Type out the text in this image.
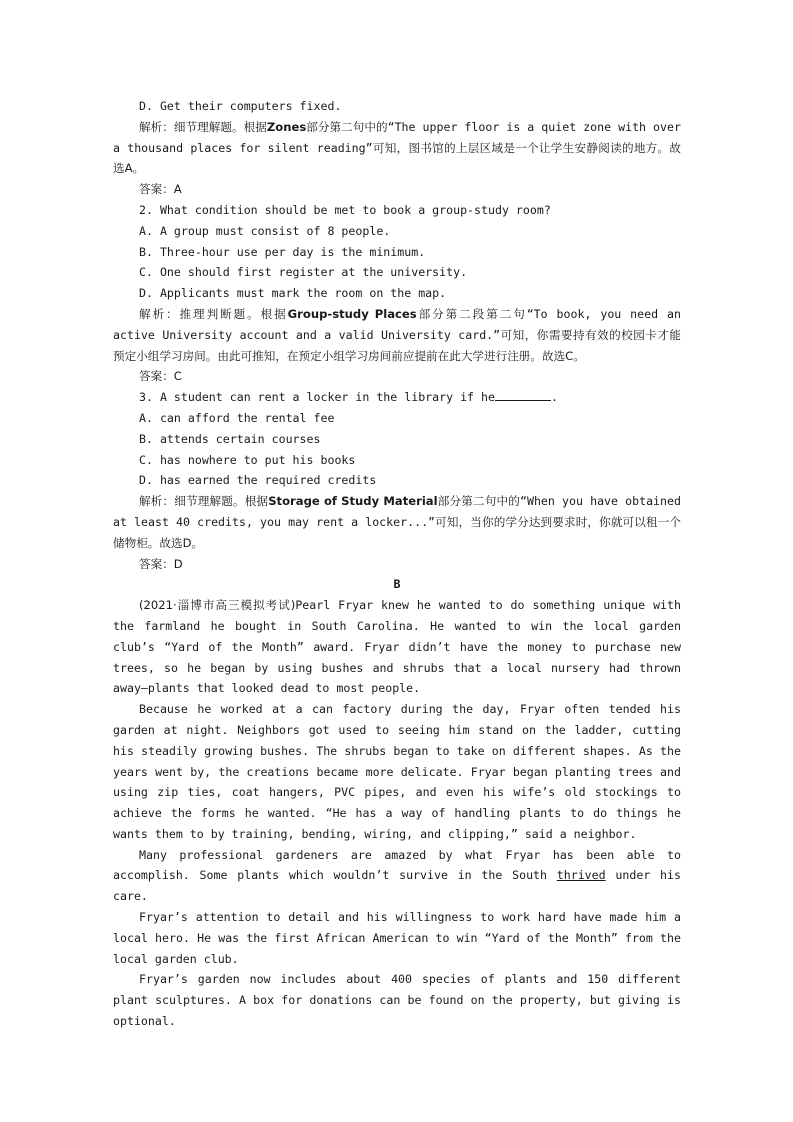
D. Get their computers fixed.

解析：细节理解题。根据Zones部分第二句中的“The upper floor is a quiet zone with over a thousand places for silent reading”可知，图书馆的上层区域是一个让学生安静阅读的地方。故选A。

答案：A

2. What condition should be met to book a group-study room?

A. A group must consist of 8 people.

B. Three-hour use per day is the minimum.

C. One should first register at the university.

D. Applicants must mark the room on the map.

解析：推理判断题。根据Group-study Places部分第二段第二句“To book, you need an active University account and a valid University card.”可知，你需要持有效的校园卡才能预定小组学习房间。由此可推知，在预定小组学习房间前应提前在此大学进行注册。故选C。

答案：C

3. A student can rent a locker in the library if he	.

A. can afford the rental fee

B. attends certain courses

C. has nowhere to put his books

D. has earned the required credits

解析：细节理解题。根据Storage of Study Material部分第二句中的“When you have obtained at least 40 credits, you may rent a locker...”可知，当你的学分达到要求时，你就可以租一个储物柜。故选D。

答案：D

B

(2021·淄博市高三模拟考试)Pearl Fryar knew he wanted to do something unique with the farmland he bought in South Carolina. He wanted to win the local garden club’s “Yard of the Month” award. Fryar didn’t have the money to purchase new trees, so he began by using bushes and shrubs that a local nursery had thrown away—plants that looked dead to most people.

Because he worked at a can factory during the day, Fryar often tended his garden at night. Neighbors got used to seeing him stand on the ladder, cutting his steadily growing bushes. The shrubs began to take on different shapes. As the years went by, the creations became more delicate. Fryar began planting trees and using zip ties, coat hangers, PVC pipes, and even his wife’s old stockings to achieve the forms he wanted. “He has a way of handling plants to do things he wants them to by training, bending, wiring, and clipping,” said a neighbor.

Many professional gardeners are amazed by what Fryar has been able to accomplish. Some plants which wouldn’t survive in the South thrived under his care.

Fryar’s attention to detail and his willingness to work hard have made him a local hero. He was the first African American to win “Yard of the Month” from the local garden club.

Fryar’s garden now includes about 400 species of plants and 150 different plant sculptures. A box for donations can be found on the property, but giving is optional.
